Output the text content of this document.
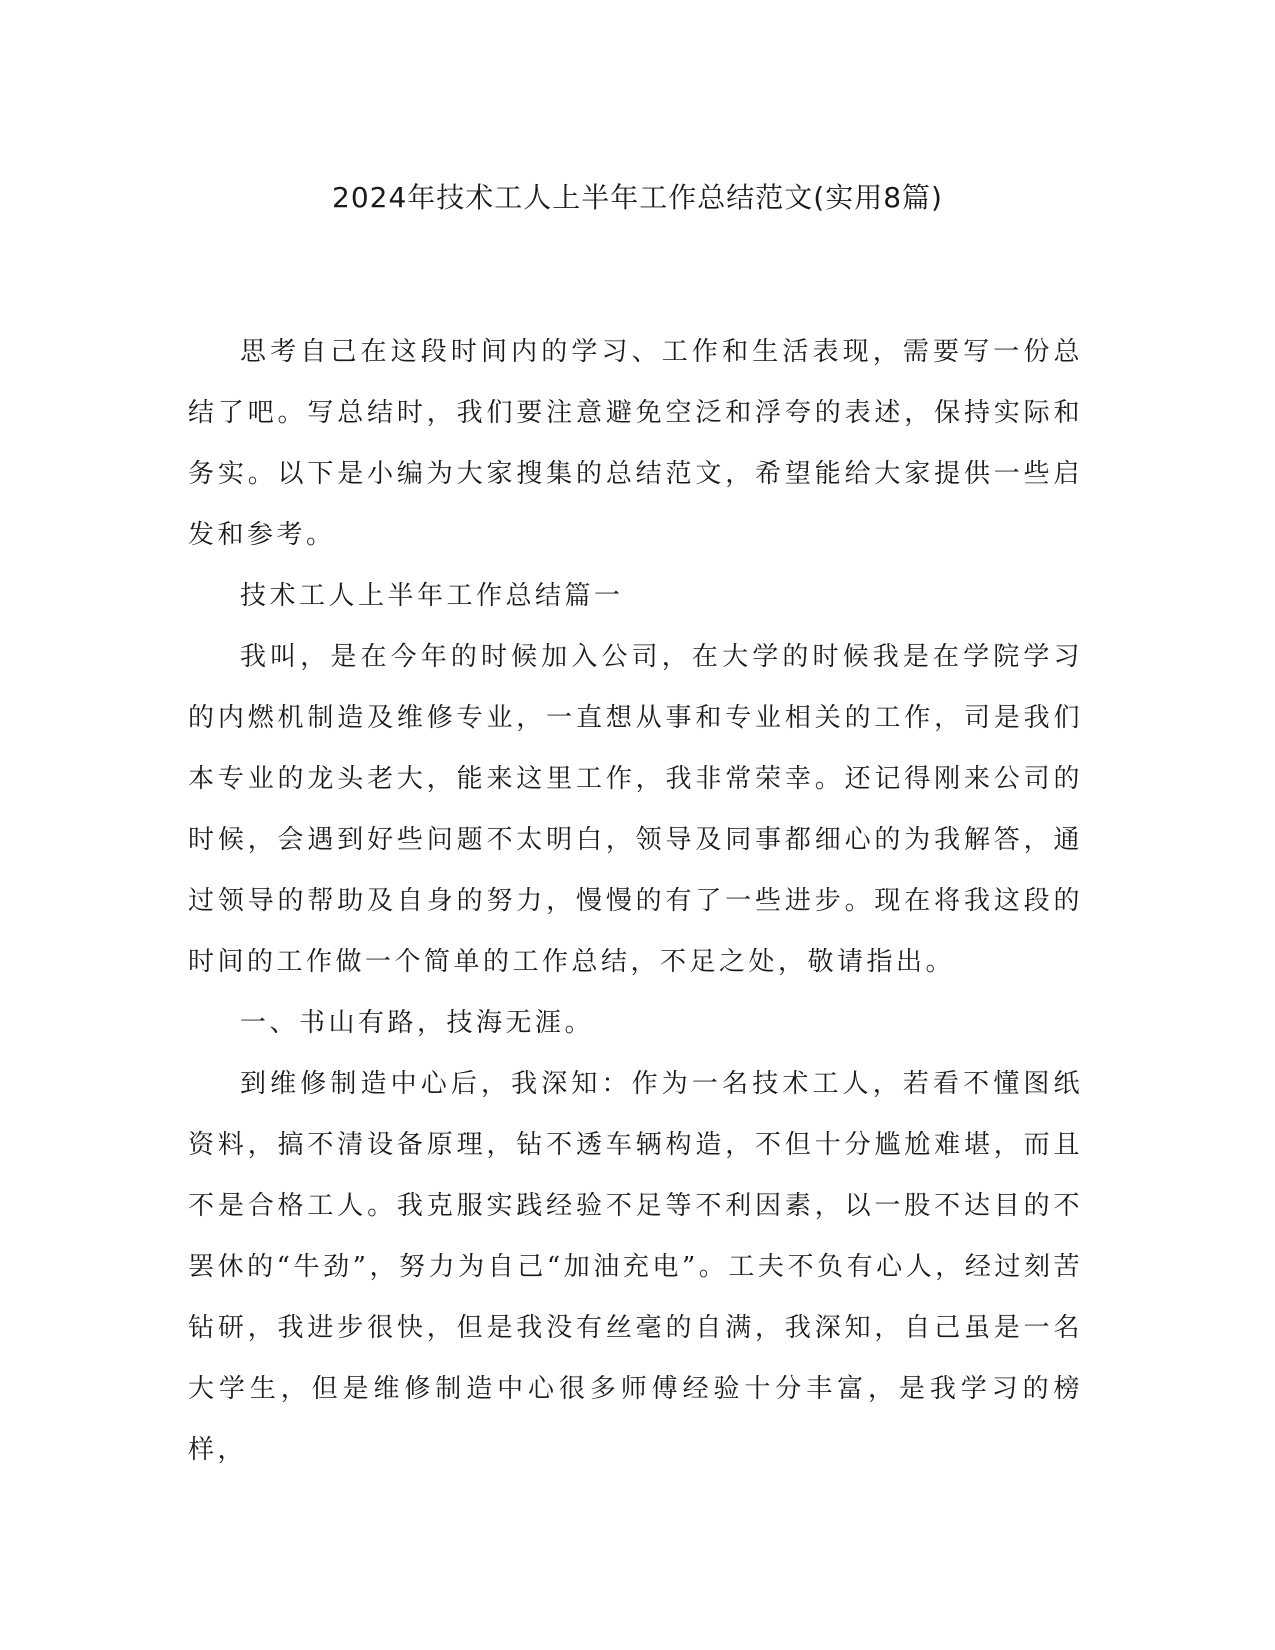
2024年技术工人上半年工作总结范文(实用8篇)

思考自己在这段时间内的学习、工作和生活表现，需要写一份总结了吧。写总结时，我们要注意避免空泛和浮夸的表述，保持实际和务实。以下是小编为大家搜集的总结范文，希望能给大家提供一些启发和参考。

技术工人上半年工作总结篇一

我叫，是在今年的时候加入公司，在大学的时候我是在学院学习的内燃机制造及维修专业，一直想从事和专业相关的工作，司是我们本专业的龙头老大，能来这里工作，我非常荣幸。还记得刚来公司的时候，会遇到好些问题不太明白，领导及同事都细心的为我解答，通过领导的帮助及自身的努力，慢慢的有了一些进步。现在将我这段的时间的工作做一个简单的工作总结，不足之处，敬请指出。

一、书山有路，技海无涯。

到维修制造中心后，我深知：作为一名技术工人，若看不懂图纸资料，搞不清设备原理，钻不透车辆构造，不但十分尴尬难堪，而且不是合格工人。我克服实践经验不足等不利因素，以一股不达目的不罢休的“牛劲”，努力为自己“加油充电”。工夫不负有心人，经过刻苦钻研，我进步很快，但是我没有丝毫的自满，我深知，自己虽是一名大学生，但是维修制造中心很多师傅经验十分丰富，是我学习的榜样，
